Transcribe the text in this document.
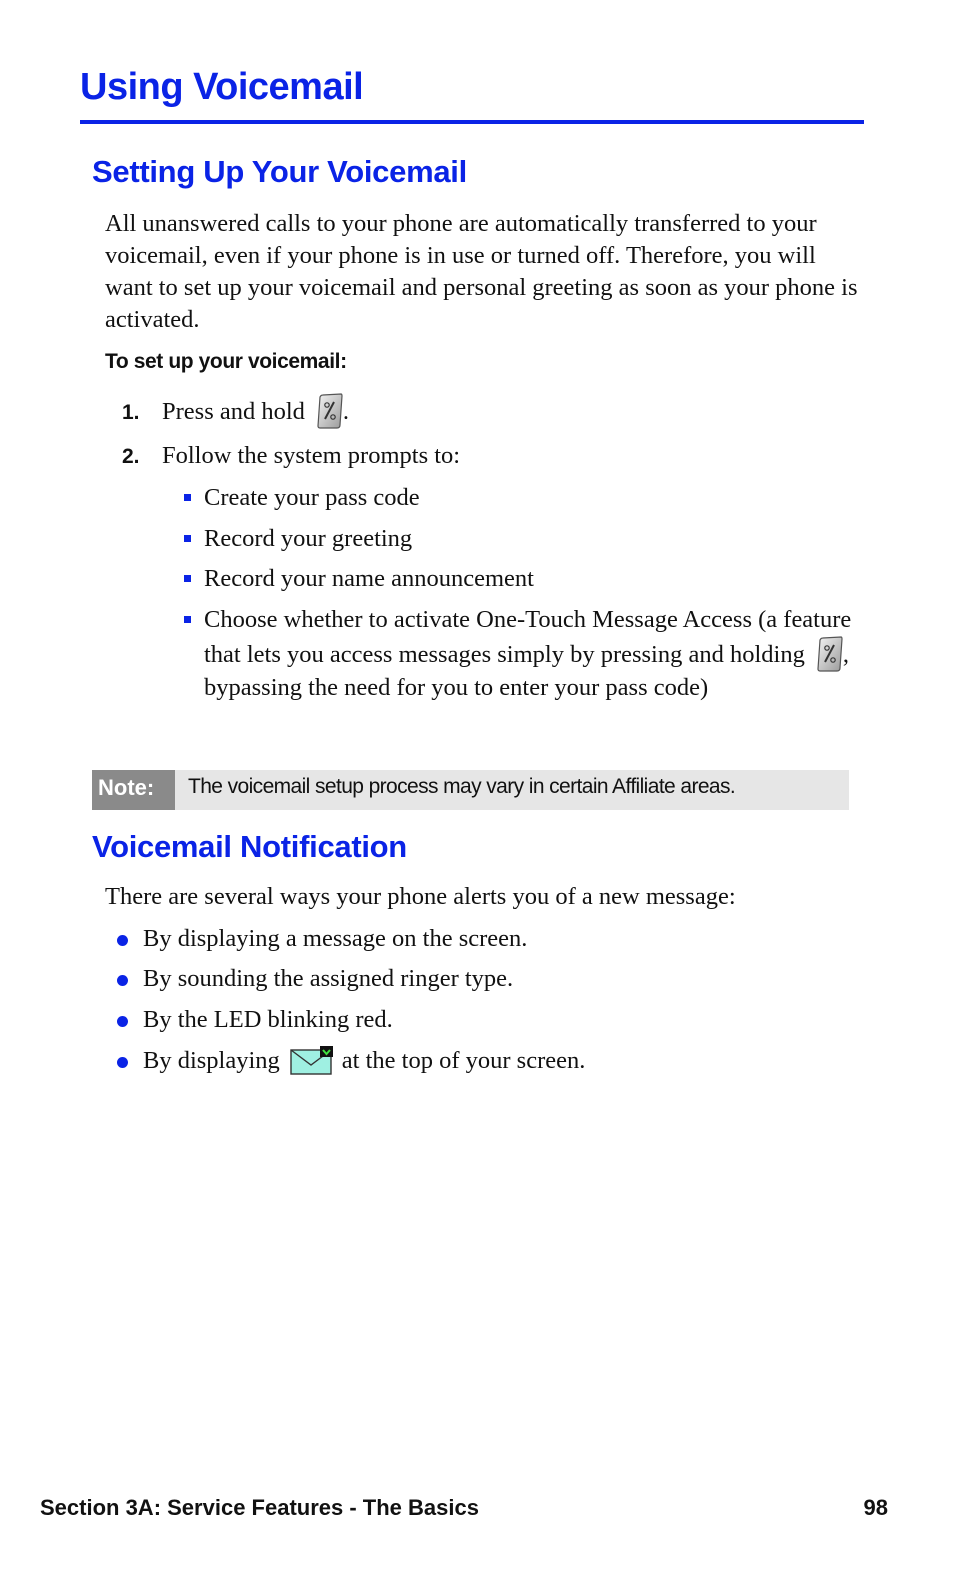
Using Voicemail
Setting Up Your Voicemail

All unanswered calls to your phone are automatically transferred to your voicemail, even if your phone is in use or turned off. Therefore, you will want to set up your voicemail and personal greeting as soon as your phone is activated.

To set up your voicemail:
1. Press and hold .
2. Follow the system prompts to:
Create your pass code
Record your greeting
Record your name announcement
Choose whether to activate One-Touch Message Access (a feature that lets you access messages simply by pressing and holding , bypassing the need for you to enter your pass code)
Note:	The voicemail setup process may vary in certain Affiliate areas.
Voicemail Notification

There are several ways your phone alerts you of a new message:

By displaying a message on the screen.
By sounding the assigned ringer type.
By the LED blinking red.
By displaying	at the top of your screen.
Section 3A: Service Features - The Basics	98
